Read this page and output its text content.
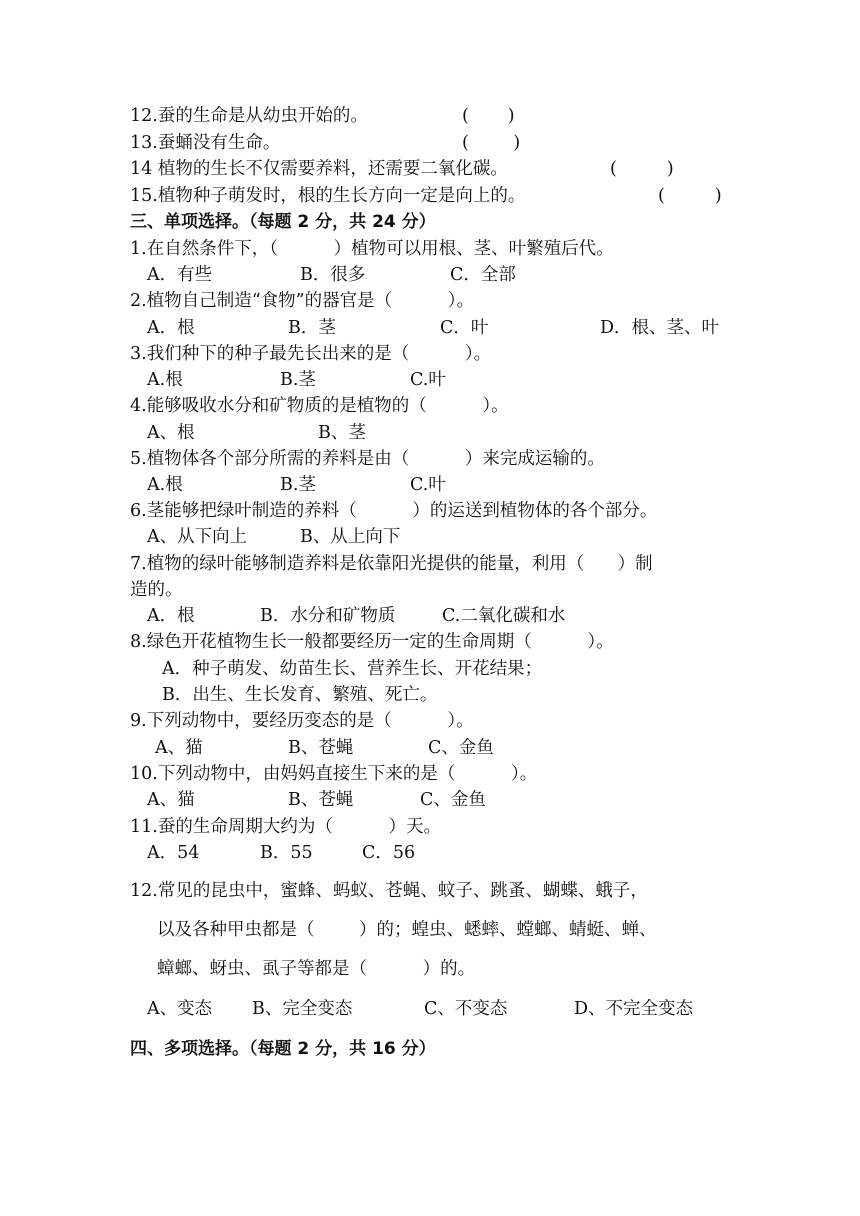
12.蚕的生命是从幼虫开始的。	(       )
13.蚕蛹没有生命。	(        )
14 植物的生长不仅需要养料，还需要二氧化碳。	(         )
15.植物种子萌发时，根的生长方向一定是向上的。	(         )
三、单项选择。（每题 2 分，共 24 分）
1.在自然条件下，（          ）植物可以用根、茎、叶繁殖后代。
A．有些	B．很多	C．全部
2.植物自己制造“食物”的器官是（          ）。
A．根	B．茎	C．叶	D．根、茎、叶
3.我们种下的种子最先长出来的是（          ）。
A.根	B.茎	C.叶
4.能够吸收水分和矿物质的是植物的（          ）。
A、根	B、茎
5.植物体各个部分所需的养料是由（          ）来完成运输的。
A.根	B.茎	C.叶
6.茎能够把绿叶制造的养料（          ）的运送到植物体的各个部分。
A、从下向上	B、从上向下
7.植物的绿叶能够制造养料是依靠阳光提供的能量，利用（      ）制
造的。
A．根	B．水分和矿物质	C.二氧化碳和水
8.绿色开花植物生长一般都要经历一定的生命周期（          ）。
A．种子萌发、幼苗生长、营养生长、开花结果；
B．出生、生长发育、繁殖、死亡。
9.下列动物中，要经历变态的是（          ）。
A、猫	B、苍蝇	C、金鱼
10.下列动物中，由妈妈直接生下来的是（          ）。
A、猫	B、苍蝇	C、金鱼
11.蚕的生命周期大约为（          ）天。
A．54	B．55	C．56
12.常见的昆虫中，蜜蜂、蚂蚁、苍蝇、蚊子、跳蚤、蝴蝶、蛾子，
以及各种甲虫都是（        ）的；蝗虫、蟋蟀、螳螂、蜻蜓、蝉、
蟑螂、蚜虫、虱子等都是（          ）的。
A、变态 B、完全变态	C、不变态	D、不完全变态
四、多项选择。（每题 2 分，共 16 分）
